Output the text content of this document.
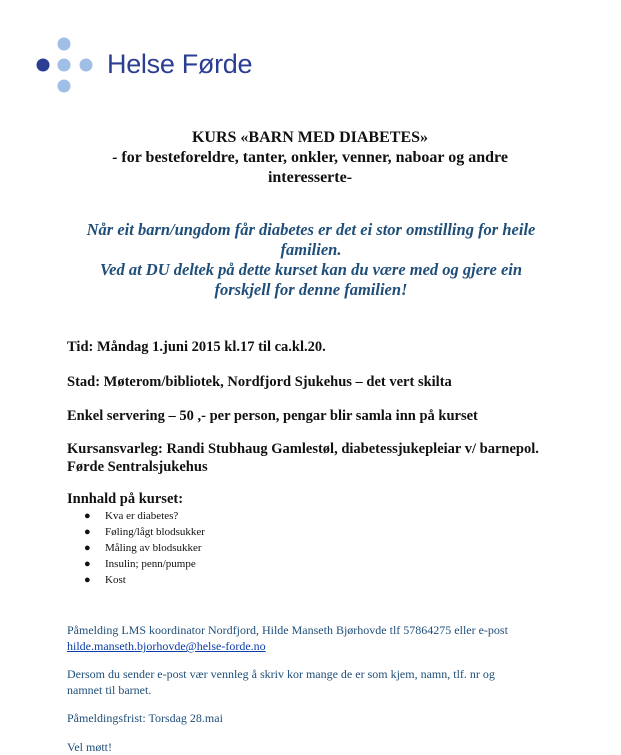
Helse Førde
KURS «BARN MED DIABETES»
- for besteforeldre, tanter, onkler, venner, naboar og andre
interesserte-
Når eit barn/ungdom får diabetes er det ei stor omstilling for heile
familien.
Ved at DU deltek på dette kurset kan du være med og gjere ein
forskjell for denne familien!
Tid: Måndag 1.juni 2015 kl.17 til ca.kl.20.
Stad: Møterom/bibliotek, Nordfjord Sjukehus – det vert skilta
Enkel servering – 50 ,- per person, pengar blir samla inn på kurset
Kursansvarleg: Randi Stubhaug Gamlestøl, diabetessjukepleiar v/ barnepol.
Førde Sentralsjukehus
Innhald på kurset:
● Kva er diabetes?
● Føling/lågt blodsukker
● Måling av blodsukker
● Insulin; penn/pumpe
● Kost
Påmelding LMS koordinator Nordfjord, Hilde Manseth Bjørhovde tlf 57864275 eller e-post
hilde.manseth.bjorhovde@helse-forde.no
Dersom du sender e-post vær vennleg å skriv kor mange de er som kjem, namn, tlf. nr og
namnet til barnet.
Påmeldingsfrist: Torsdag 28.mai
Vel møtt!
